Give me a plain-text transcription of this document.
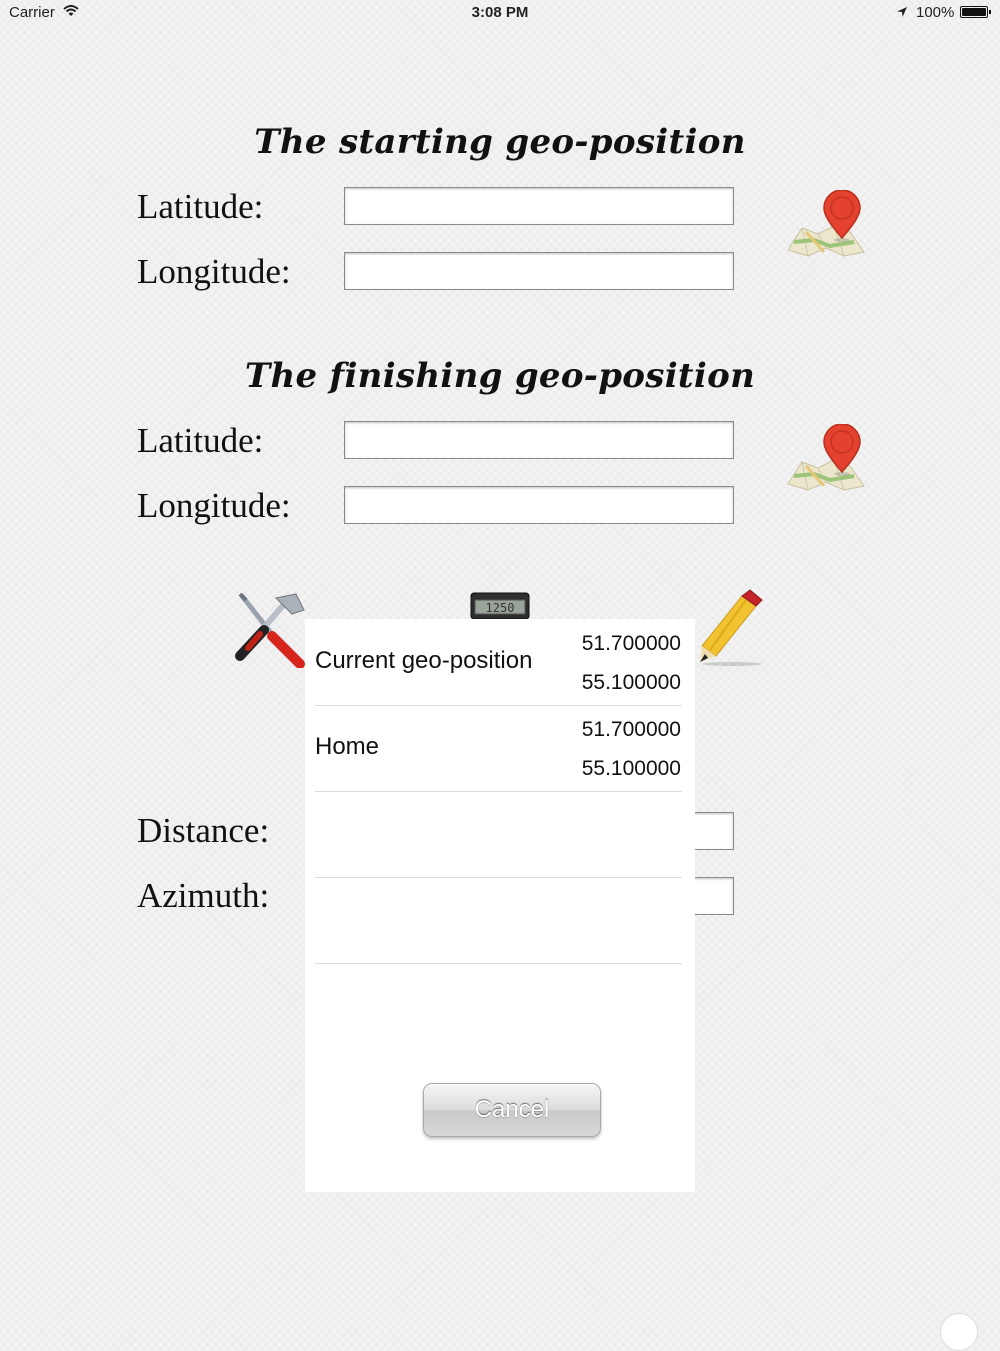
Carrier	3:08 PM	100%
The starting geo-position
Latitude:
Longitude:
The finishing geo-position
Latitude:
Longitude:
1250
Distance:
Azimuth:
Current geo-position
51.700000
55.100000
Home
51.700000
55.100000
Cancel
